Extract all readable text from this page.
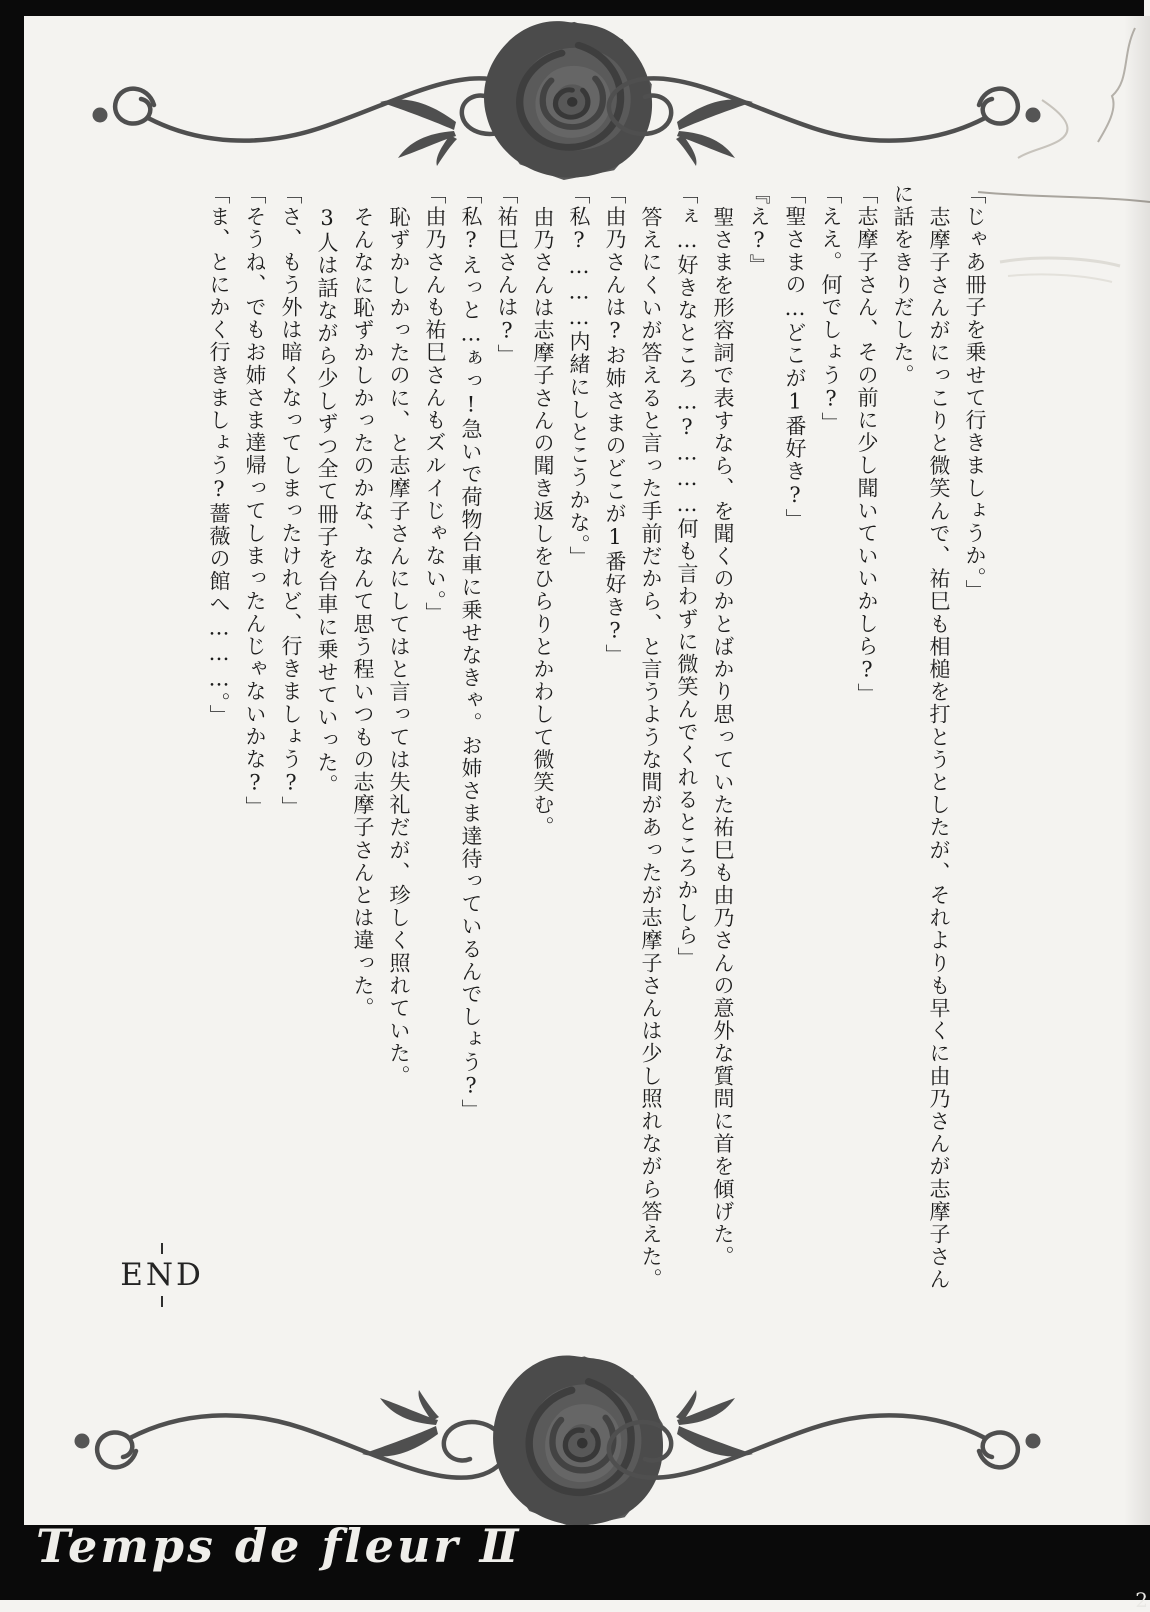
「じゃあ冊子を乗せて行きましょうか。」

志摩子さんがにっこりと微笑んで、祐巳も相槌を打とうとしたが、それよりも早くに由乃さんが志摩子さんに話をきりだした。

「志摩子さん、その前に少し聞いていいかしら?」

「ええ。何でしょう?」

「聖さまの…どこが1番好き?」

『え?』

聖さまを形容詞で表すなら、を聞くのかとばかり思っていた祐巳も由乃さんの意外な質問に首を傾げた。

「ぇ…好きなところ…?………何も言わずに微笑んでくれるところかしら」

答えにくいが答えると言った手前だから、と言うような間があったが志摩子さんは少し照れながら答えた。

「由乃さんは?お姉さまのどこが1番好き?」

「私?………内緒にしとこうかな。」

由乃さんは志摩子さんの聞き返しをひらりとかわして微笑む。

「祐巳さんは?」

「私?えっと…ぁっ!急いで荷物台車に乗せなきゃ。お姉さま達待っているんでしょう?」

「由乃さんも祐巳さんもズルイじゃない。」

恥ずかしかったのに、と志摩子さんにしてはと言っては失礼だが、珍しく照れていた。

そんなに恥ずかしかったのかな、なんて思う程いつもの志摩子さんとは違った。

3人は話ながら少しずつ全て冊子を台車に乗せていった。

「さ、もう外は暗くなってしまったけれど、行きましょう?」

「そうね、でもお姉さま達帰ってしまったんじゃないかな?」

「ま、とにかく行きましょう?薔薇の館へ………。」

END
Temps de fleur Ⅱ
2
